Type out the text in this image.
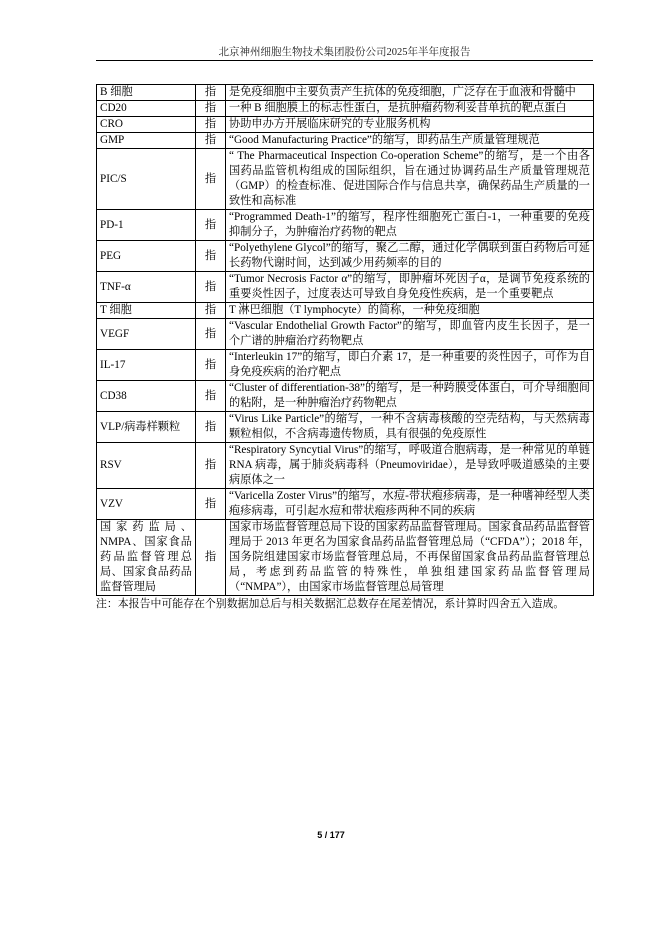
北京神州细胞生物技术集团股份公司2025年半年度报告
B 细胞	指	是免疫细胞中主要负责产生抗体的免疫细胞，广泛存在于血液和骨髓中
CD20	指	一种 B 细胞膜上的标志性蛋白，是抗肿瘤药物利妥昔单抗的靶点蛋白
CRO	指	协助申办方开展临床研究的专业服务机构
GMP	指	“Good Manufacturing Practice”的缩写，即药品生产质量管理规范
PIC/S	指	“ The Pharmaceutical Inspection Co-operation Scheme”的缩写，是一个由各国药品监管机构组成的国际组织，旨在通过协调药品生产质量管理规范（GMP）的检查标准、促进国际合作与信息共享，确保药品生产质量的一致性和高标准
PD-1	指	“Programmed Death-1”的缩写，程序性细胞死亡蛋白-1，一种重要的免疫抑制分子，为肿瘤治疗药物的靶点
PEG	指	“Polyethylene Glycol”的缩写，聚乙二醇，通过化学偶联到蛋白药物后可延长药物代谢时间，达到减少用药频率的目的
TNF-α	指	“Tumor Necrosis Factor α”的缩写，即肿瘤坏死因子α，是调节免疫系统的重要炎性因子，过度表达可导致自身免疫性疾病，是一个重要靶点
T 细胞	指	T 淋巴细胞（T lymphocyte）的简称，一种免疫细胞
VEGF	指	“Vascular Endothelial Growth Factor”的缩写，即血管内皮生长因子，是一个广谱的肿瘤治疗药物靶点
IL-17	指	“Interleukin 17”的缩写，即白介素 17，是一种重要的炎性因子，可作为自身免疫疾病的治疗靶点
CD38	指	“Cluster of differentiation-38”的缩写，是一种跨膜受体蛋白，可介导细胞间的粘附，是一种肿瘤治疗药物靶点
VLP/病毒样颗粒	指	“Virus Like Particle”的缩写，一种不含病毒核酸的空壳结构，与天然病毒颗粒相似，不含病毒遗传物质，具有很强的免疫原性
RSV	指	“Respiratory Syncytial Virus”的缩写，呼吸道合胞病毒，是一种常见的单链 RNA 病毒，属于肺炎病毒科（Pneumoviridae），是导致呼吸道感染的主要病原体之一
VZV	指	“Varicella Zoster Virus”的缩写，水痘-带状疱疹病毒，是一种嗜神经型人类疱疹病毒，可引起水痘和带状疱疹两种不同的疾病
国家药监局、NMPA、国家食品药品监督管理总局、国家食品药品监督管理局	指	国家市场监督管理总局下设的国家药品监督管理局。国家食品药品监督管理局于 2013 年更名为国家食品药品监督管理总局（“CFDA”）；2018 年，国务院组建国家市场监督管理总局，不再保留国家食品药品监督管理总局，考虑到药品监管的特殊性，单独组建国家药品监督管理局（“NMPA”），由国家市场监督管理总局管理
注：本报告中可能存在个别数据加总后与相关数据汇总数存在尾差情况，系计算时四舍五入造成。
5 / 177
